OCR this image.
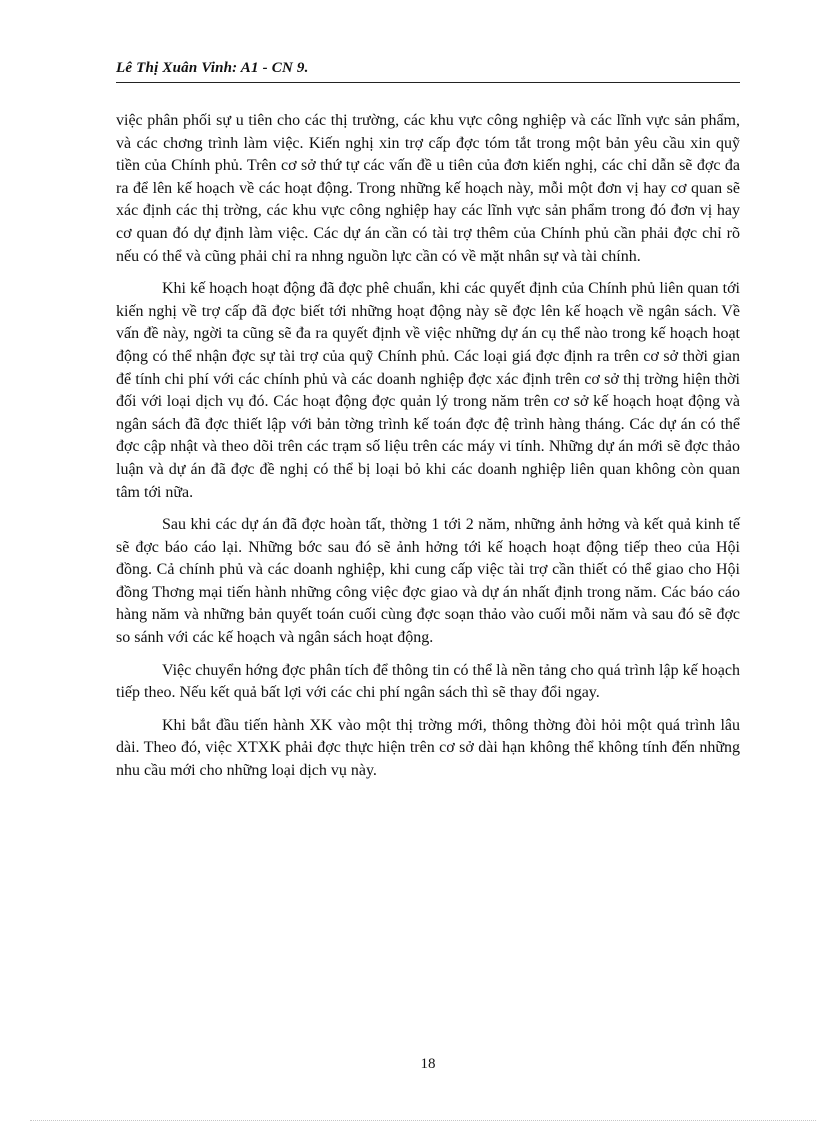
Lê Thị Xuân Vinh: A1 - CN 9.

việc phân phối sự u tiên cho các thị trường, các khu vực công nghiệp và các lĩnh vực sản phẩm, và các chơng trình làm việc. Kiến nghị xin trợ cấp đợc tóm tắt trong một bản yêu cầu xin quỹ tiền của Chính phủ. Trên cơ sở thứ tự các vấn đề u tiên của đơn kiến nghị, các chỉ dẫn sẽ đợc đa ra để lên kế hoạch về các hoạt động. Trong những kế hoạch này, mỗi một đơn vị hay cơ quan sẽ xác định các thị trờng, các khu vực công nghiệp hay các lĩnh vực sản phẩm trong đó đơn vị hay cơ quan đó dự định làm việc. Các dự án cần có tài trợ thêm của Chính phủ cần phải đợc chỉ rõ nếu có thể và cũng phải chỉ ra nhng nguồn lực cần có về mặt nhân sự và tài chính.

Khi kế hoạch hoạt động đã đợc phê chuẩn, khi các quyết định của Chính phủ liên quan tới kiến nghị về trợ cấp đã đợc biết tới những hoạt động này sẽ đợc lên kế hoạch về ngân sách. Về vấn đề này, ngời ta cũng sẽ đa ra quyết định về việc những dự án cụ thể nào trong kế hoạch hoạt động có thể nhận đợc sự tài trợ của quỹ Chính phủ. Các loại giá đợc định ra trên cơ sở thời gian để tính chi phí với các chính phủ và các doanh nghiệp đợc xác định trên cơ sở thị trờng hiện thời đối với loại dịch vụ đó. Các hoạt động đợc quản lý trong năm trên cơ sở kế hoạch hoạt động và ngân sách đã đợc thiết lập với bản tờng trình kế toán đợc đệ trình hàng tháng. Các dự án có thể đợc cập nhật và theo dõi trên các trạm số liệu trên các máy vi tính. Những dự án mới sẽ đợc thảo luận và dự án đã đợc đề nghị có thể bị loại bỏ khi các doanh nghiệp liên quan không còn quan tâm tới nữa.

Sau khi các dự án đã đợc hoàn tất, thờng 1 tới 2 năm, những ảnh hởng và kết quả kinh tế sẽ đợc báo cáo lại. Những bớc sau đó sẽ ảnh hởng tới kế hoạch hoạt động tiếp theo của Hội đồng. Cả chính phủ và các doanh nghiệp, khi cung cấp việc tài trợ cần thiết có thể giao cho Hội đồng Thơng mại tiến hành những công việc đợc giao và dự án nhất định trong năm. Các báo cáo hàng năm và những bản quyết toán cuối cùng đợc soạn thảo vào cuối mỗi năm và sau đó sẽ đợc so sánh với các kế hoạch và ngân sách hoạt động.

Việc chuyển hớng đợc phân tích để thông tin có thể là nền tảng cho quá trình lập kế hoạch tiếp theo. Nếu kết quả bất lợi với các chi phí ngân sách thì sẽ thay đổi ngay.

Khi bắt đầu tiến hành XK vào một thị trờng mới, thông thờng đòi hỏi một quá trình lâu dài. Theo đó, việc XTXK phải đợc thực hiện trên cơ sở dài hạn không thể không tính đến những nhu cầu mới cho những loại dịch vụ này.

18
